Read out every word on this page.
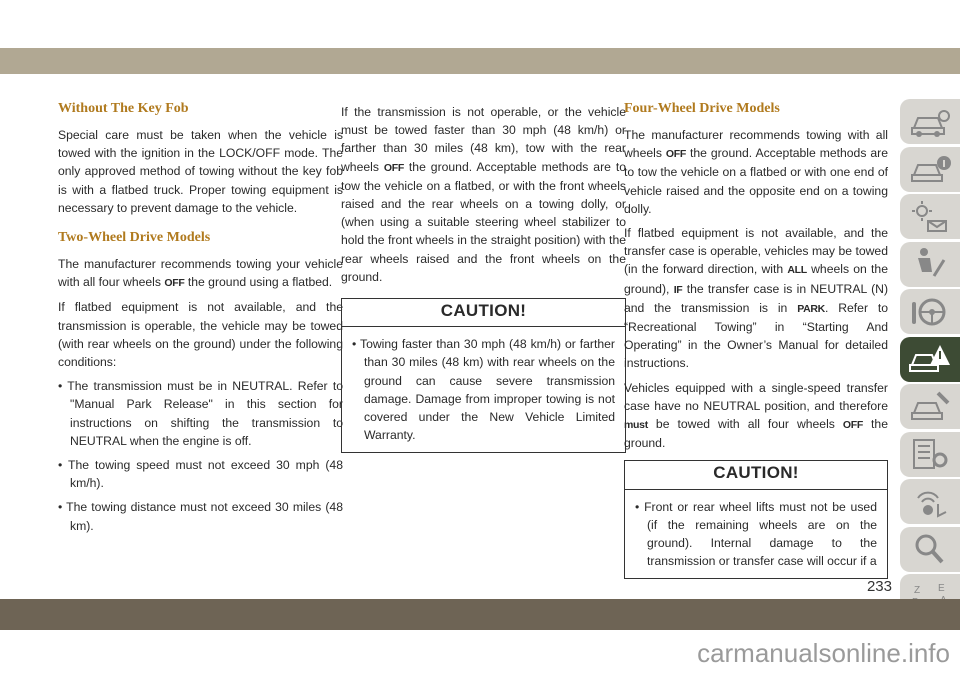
Without The Key Fob

Special care must be taken when the vehicle is towed with the ignition in the LOCK/OFF mode. The only approved method of towing without the key fob is with a flatbed truck. Proper towing equipment is necessary to prevent damage to the vehicle.

Two-Wheel Drive Models

The manufacturer recommends towing your vehicle with all four wheels OFF the ground using a flatbed.

If flatbed equipment is not available, and the transmission is operable, the vehicle may be towed (with rear wheels on the ground) under the following conditions:

• The transmission must be in NEUTRAL. Refer to "Manual Park Release" in this section for instructions on shifting the transmission to NEUTRAL when the engine is off.
• The towing speed must not exceed 30 mph (48 km/h).
• The towing distance must not exceed 30 miles (48 km).

If the transmission is not operable, or the vehicle must be towed faster than 30 mph (48 km/h) or farther than 30 miles (48 km), tow with the rear wheels OFF the ground. Acceptable methods are to tow the vehicle on a flatbed, or with the front wheels raised and the rear wheels on a towing dolly, or (when using a suitable steering wheel stabilizer to hold the front wheels in the straight position) with the rear wheels raised and the front wheels on the ground.

CAUTION!
• Towing faster than 30 mph (48 km/h) or farther than 30 miles (48 km) with rear wheels on the ground can cause severe transmission damage. Damage from improper towing is not covered under the New Vehicle Limited Warranty.
Four-Wheel Drive Models

The manufacturer recommends towing with all wheels OFF the ground. Acceptable methods are to tow the vehicle on a flatbed or with one end of vehicle raised and the opposite end on a towing dolly.

If flatbed equipment is not available, and the transfer case is operable, vehicles may be towed (in the forward direction, with ALL wheels on the ground), IF the transfer case is in NEUTRAL (N) and the transmission is in PARK. Refer to “Recreational Towing” in “Starting And Operating” in the Owner’s Manual for detailed instructions.

Vehicles equipped with a single-speed transfer case have no NEUTRAL position, and therefore must be towed with all four wheels OFF the ground.

CAUTION!
• Front or rear wheel lifts must not be used (if the remaining wheels are on the ground). Internal damage to the transmission or transfer case will occur if a
Z E
233
carmanualsonline.info
